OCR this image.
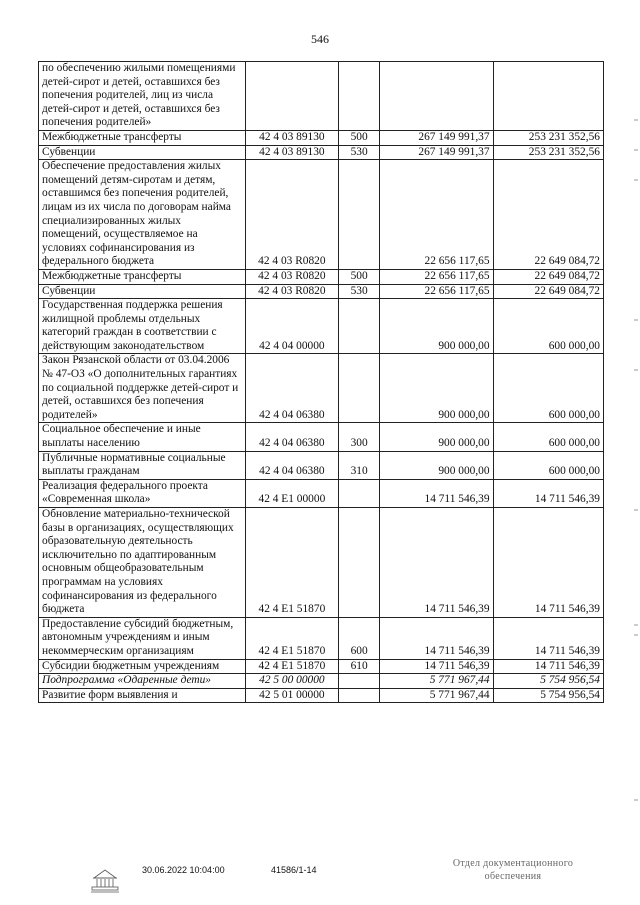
546
по обеспечению жилыми помещениями детей-сирот и детей, оставшихся без попечения родителей, лиц из числа детей-сирот и детей, оставшихся без попечения родителей»				
Межбюджетные трансферты	42 4 03 89130	500	267 149 991,37	253 231 352,56
Субвенции	42 4 03 89130	530	267 149 991,37	253 231 352,56
Обеспечение предоставления жилых помещений детям-сиротам и детям, оставшимся без попечения родителей, лицам из их числа по договорам найма специализированных жилых помещений, осуществляемое на условиях софинансирования из федерального бюджета	42 4 03 R0820		22 656 117,65	22 649 084,72
Межбюджетные трансферты	42 4 03 R0820	500	22 656 117,65	22 649 084,72
Субвенции	42 4 03 R0820	530	22 656 117,65	22 649 084,72
Государственная поддержка решения жилищной проблемы отдельных категорий граждан в соответствии с действующим законодательством	42 4 04 00000		900 000,00	600 000,00
Закон Рязанской области от 03.04.2006 № 47-ОЗ «О дополнительных гарантиях по социальной поддержке детей-сирот и детей, оставшихся без попечения родителей»	42 4 04 06380		900 000,00	600 000,00
Социальное обеспечение и иные выплаты населению	42 4 04 06380	300	900 000,00	600 000,00
Публичные нормативные социальные выплаты гражданам	42 4 04 06380	310	900 000,00	600 000,00
Реализация федерального проекта «Современная школа»	42 4 E1 00000		14 711 546,39	14 711 546,39
Обновление материально-технической базы в организациях, осуществляющих образовательную деятельность исключительно по адаптированным основным общеобразовательным программам на условиях софинансирования из федерального бюджета	42 4 E1 51870		14 711 546,39	14 711 546,39
Предоставление субсидий бюджетным, автономным учреждениям и иным некоммерческим организациям	42 4 E1 51870	600	14 711 546,39	14 711 546,39
Субсидии бюджетным учреждениям	42 4 E1 51870	610	14 711 546,39	14 711 546,39
Подпрограмма «Одаренные дети»	42 5 00 00000		5 771 967,44	5 754 956,54
Развитие форм выявления и	42 5 01 00000		5 771 967,44	5 754 956,54
30.06.2022 10:04:00	41586/1-14
Отдел документационного
обеспечения
